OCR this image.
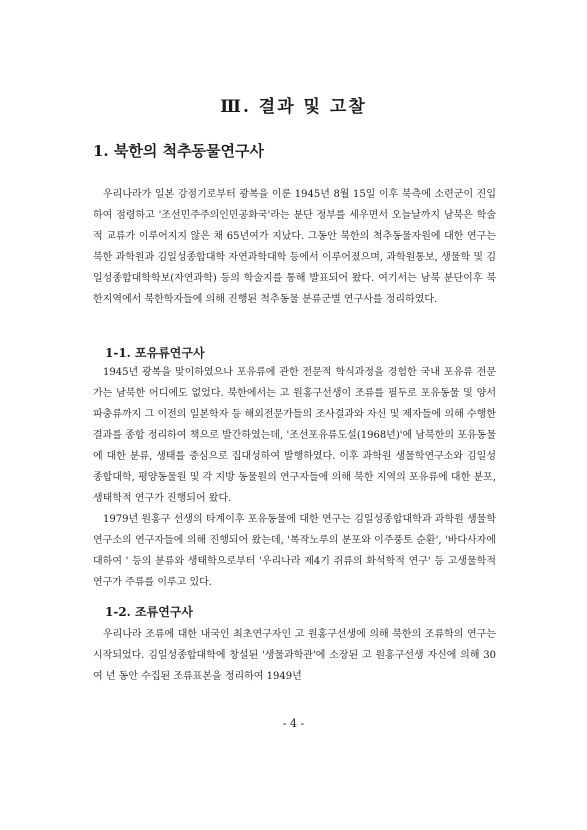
Ⅲ. 결과 및 고찰
1. 북한의 척추동물연구사

우리나라가 일본 강점기로부터 광복을 이룬 1945년 8월 15일 이후 북측에 소련군이 진입하여 점령하고 '조선민주주의인민공화국'라는 분단 정부를 세우면서 오늘날까지 남북은 학술적 교류가 이루어지지 않은 채 65년여가 지났다. 그동안 북한의 척추동물자원에 대한 연구는 북한 과학원과 김일성종합대학 자연과학대학 등에서 이루어졌으며, 과학원통보, 생물학 및 김일성종합대학학보(자연과학) 등의 학술지를 통해 발표되어 왔다. 여기서는 남북 분단이후 북한지역에서 북한학자들에 의해 진행된 척추동물 분류군별 연구사를 정리하였다.

1-1. 포유류연구사

1945년 광복을 맞이하였으나 포유류에 관한 전문적 학식과정을 경험한 국내 포유류 전문가는 남북한 어디에도 없었다. 북한에서는 고 원홍구선생이 조류를 필두로 포유동물 및 양서파충류까지 그 이전의 일본학자 등 해외전문가들의 조사결과와 자신 및 제자들에 의해 수행한 결과를 종합 정리하여 책으로 발간하였는데, '조선포유류도설(1968년)'에 남북한의 포유동물에 대한 분류, 생태를 중심으로 집대성하여 발행하였다. 이후 과학원 생물학연구소와 김일성종합대학, 평양동물원 및 각 지방 동물원의 연구자들에 의해 북한 지역의 포유류에 대한 분포, 생태학적 연구가 진행되어 왔다.

1979년 원홍구 선생의 타계이후 포유동물에 대한 연구는 김일성종합대학과 과학원 생물학연구소의 연구자들에 의해 진행되어 왔는데, '복작노루의 분포와 이주풍토 순환', '바다사자에 대하여 ' 등의 분류와 생태학으로부터 '우리나라 제4기 쥐류의 화석학적 연구' 등 고생물학적 연구가 주류를 이루고 있다.

1-2. 조류연구사

우리나라 조류에 대한 내국인 최초연구자인 고 원홍구선생에 의해 북한의 조류학의 연구는 시작되었다. 김일성종합대학에 창설된 '생물과학관'에 소장된 고 원홍구선생 자신에 의해 30여 년 동안 수집된 조류표본을 정리하여 1949년

- 4 -
